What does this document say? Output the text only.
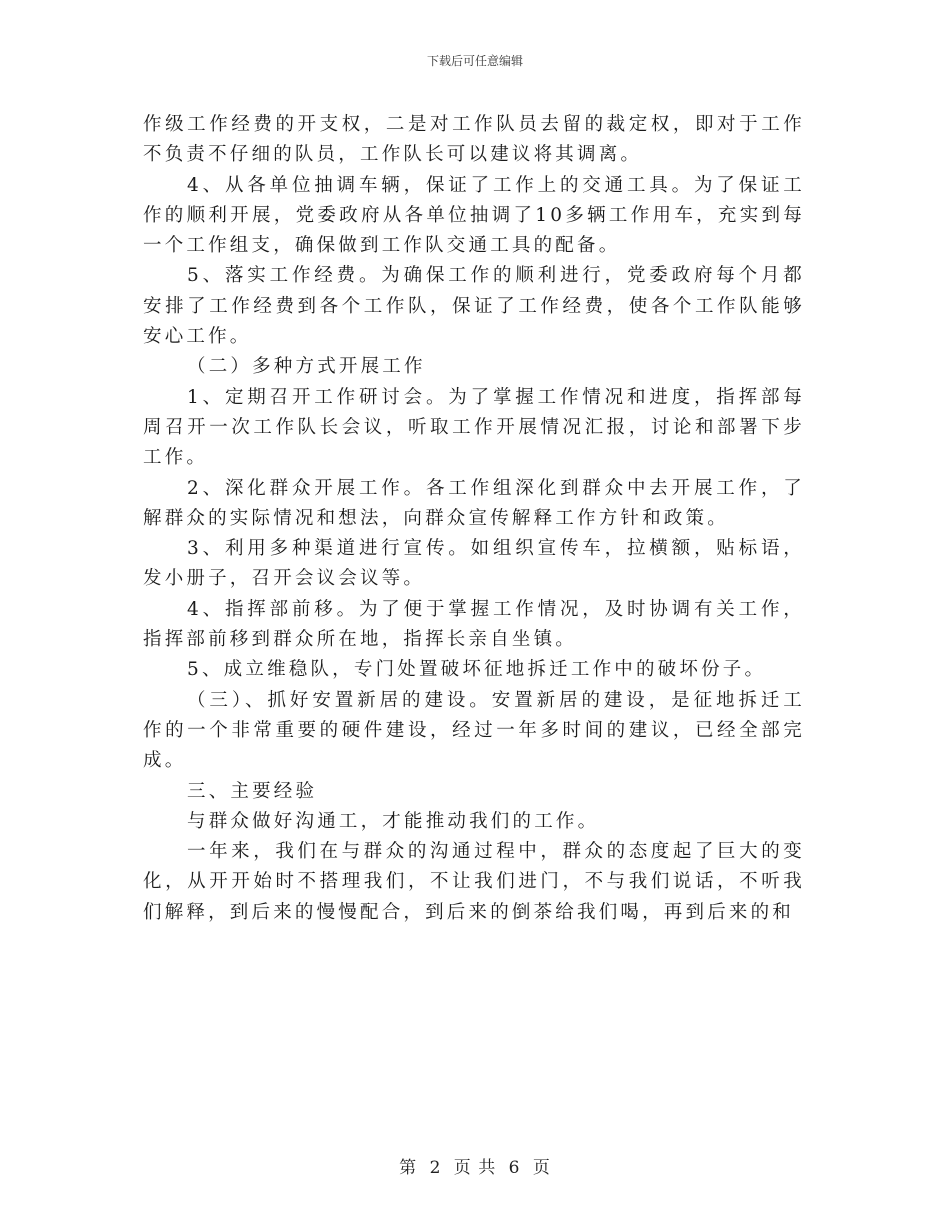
下载后可任意编辑

作级工作经费的开支权，二是对工作队员去留的裁定权，即对于工作不负责不仔细的队员，工作队长可以建议将其调离。

4、从各单位抽调车辆，保证了工作上的交通工具。为了保证工作的顺利开展，党委政府从各单位抽调了10多辆工作用车，充实到每一个工作组支，确保做到工作队交通工具的配备。

5、落实工作经费。为确保工作的顺利进行，党委政府每个月都安排了工作经费到各个工作队，保证了工作经费，使各个工作队能够安心工作。

（二）多种方式开展工作

1、定期召开工作研讨会。为了掌握工作情况和进度，指挥部每周召开一次工作队长会议，听取工作开展情况汇报，讨论和部署下步工作。

2、深化群众开展工作。各工作组深化到群众中去开展工作，了解群众的实际情况和想法，向群众宣传解释工作方针和政策。

3、利用多种渠道进行宣传。如组织宣传车，拉横额，贴标语，发小册子，召开会议会议等。

4、指挥部前移。为了便于掌握工作情况，及时协调有关工作，指挥部前移到群众所在地，指挥长亲自坐镇。

5、成立维稳队，专门处置破坏征地拆迁工作中的破坏份子。

（三）、抓好安置新居的建设。安置新居的建设，是征地拆迁工作的一个非常重要的硬件建设，经过一年多时间的建议，已经全部完成。

三、主要经验

与群众做好沟通工，才能推动我们的工作。

一年来，我们在与群众的沟通过程中，群众的态度起了巨大的变化，从开开始时不搭理我们，不让我们进门，不与我们说话，不听我们解释，到后来的慢慢配合，到后来的倒茶给我们喝，再到后来的和

第 2 页 共 6 页
